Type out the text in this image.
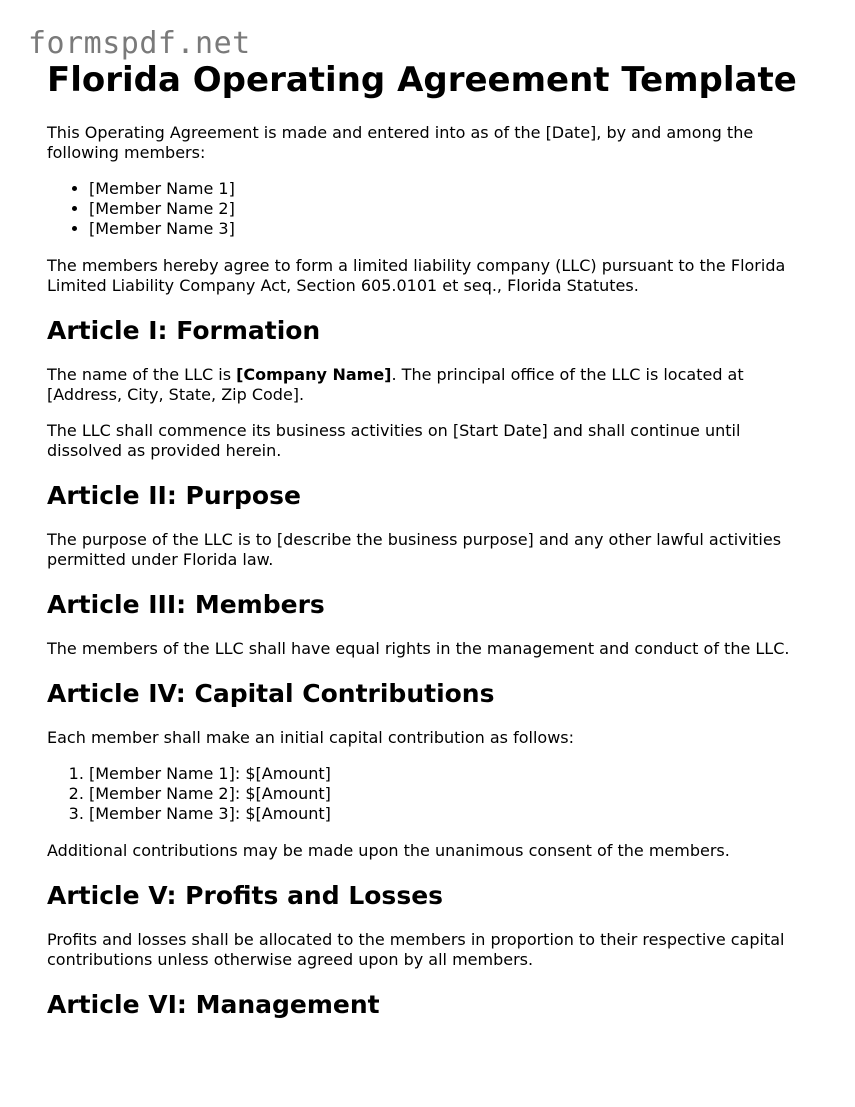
formspdf.net
Florida Operating Agreement Template

This Operating Agreement is made and entered into as of the [Date], by and among the following members:

• [Member Name 1]
• [Member Name 2]
• [Member Name 3]

The members hereby agree to form a limited liability company (LLC) pursuant to the Florida Limited Liability Company Act, Section 605.0101 et seq., Florida Statutes.

Article I: Formation

The name of the LLC is [Company Name]. The principal office of the LLC is located at [Address, City, State, Zip Code].

The LLC shall commence its business activities on [Start Date] and shall continue until dissolved as provided herein.

Article II: Purpose

The purpose of the LLC is to [describe the business purpose] and any other lawful activities permitted under Florida law.

Article III: Members

The members of the LLC shall have equal rights in the management and conduct of the LLC.

Article IV: Capital Contributions

Each member shall make an initial capital contribution as follows:

1. [Member Name 1]: $[Amount]
2. [Member Name 2]: $[Amount]
3. [Member Name 3]: $[Amount]

Additional contributions may be made upon the unanimous consent of the members.

Article V: Profits and Losses

Profits and losses shall be allocated to the members in proportion to their respective capital contributions unless otherwise agreed upon by all members.

Article VI: Management
